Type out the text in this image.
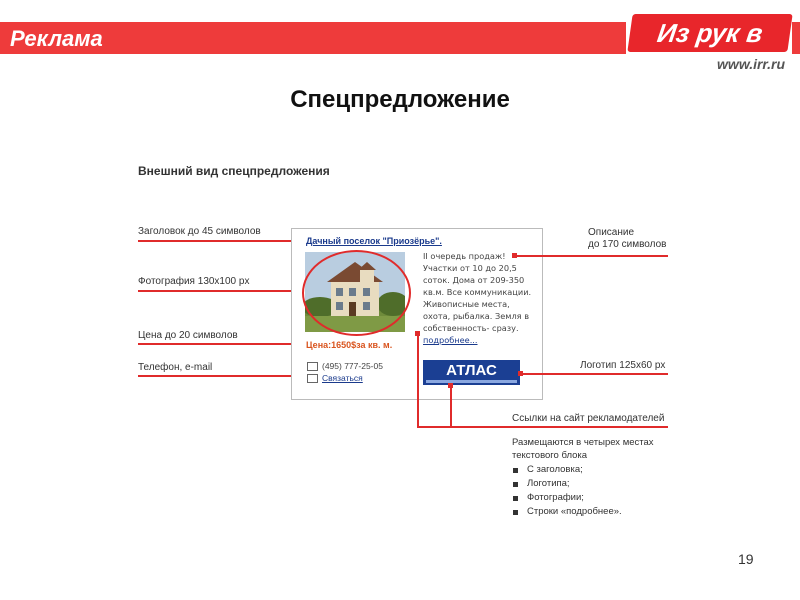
Реклама	Из рук в руки
www.irr.ru
Спецпредложение
Внешний вид спецпредложения
Заголовок до 45 символов
Фотография 130х100 px
Цена до 20 символов
Телефон, e-mail
Дачный поселок "Приозёрье".
Цена:1650$за кв. м.
(495) 777-25-05
Связаться
II очередь продаж!
Участки от 10 до 20,5
соток. Дома от 209-350
кв.м. Все коммуникации.
Живописные места,
охота, рыбалка. Земля в
собственность- сразу.
подробнее...
АТЛАС
Описание
до 170 символов
Логотип 125х60 px
Ссылки на сайт рекламодателей
Размещаются в четырех местах
текстового блока
С заголовка;
Логотипа;
Фотографии;
Строки «подробнее».
19
